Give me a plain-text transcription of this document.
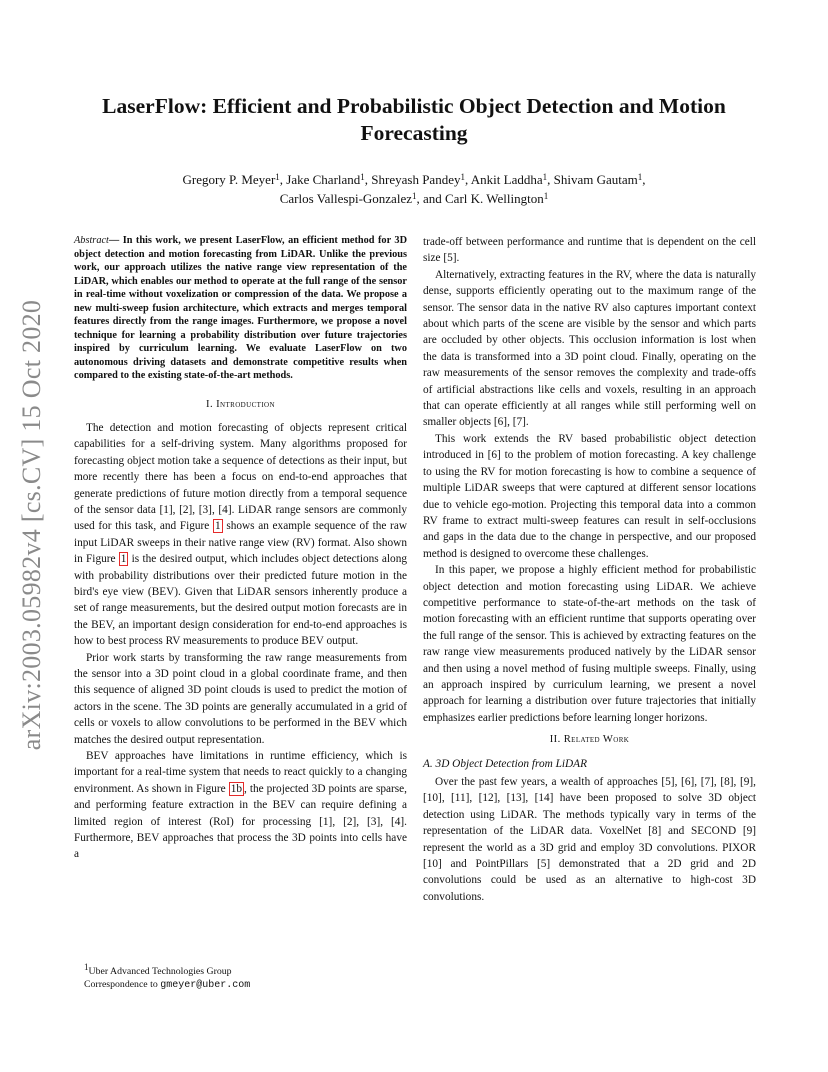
arXiv:2003.05982v4 [cs.CV] 15 Oct 2020
LaserFlow: Efficient and Probabilistic Object Detection and Motion Forecasting
Gregory P. Meyer$^1$, Jake Charland$^1$, Shreyash Pandey$^1$, Ankit Laddha$^1$, Shivam Gautam$^1$,
Carlos Vallespi-Gonzalez$^1$, and Carl K. Wellington$^1$
Abstract— In this work, we present LaserFlow, an efficient method for 3D object detection and motion forecasting from LiDAR. Unlike the previous work, our approach utilizes the native range view representation of the LiDAR, which enables our method to operate at the full range of the sensor in real-time without voxelization or compression of the data. We propose a new multi-sweep fusion architecture, which extracts and merges temporal features directly from the range images. Furthermore, we propose a novel technique for learning a probability distribution over future trajectories inspired by curriculum learning. We evaluate LaserFlow on two autonomous driving datasets and demonstrate competitive results when compared to the existing state-of-the-art methods.
I. Introduction

The detection and motion forecasting of objects represent critical capabilities for a self-driving system. Many algorithms proposed for forecasting object motion take a sequence of detections as their input, but more recently there has been a focus on end-to-end approaches that generate predictions of future motion directly from a temporal sequence of the sensor data [1], [2], [3], [4]. LiDAR range sensors are commonly used for this task, and Figure 1 shows an example sequence of the raw input LiDAR sweeps in their native range view (RV) format. Also shown in Figure 1 is the desired output, which includes object detections along with probability distributions over their predicted future motion in the bird's eye view (BEV). Given that LiDAR sensors inherently produce a set of range measurements, but the desired output motion forecasts are in the BEV, an important design consideration for end-to-end approaches is how to best process RV measurements to produce BEV output.

Prior work starts by transforming the raw range measurements from the sensor into a 3D point cloud in a global coordinate frame, and then this sequence of aligned 3D point clouds is used to predict the motion of actors in the scene. The 3D points are generally accumulated in a grid of cells or voxels to allow convolutions to be performed in the BEV which matches the desired output representation.

BEV approaches have limitations in runtime efficiency, which is important for a real-time system that needs to react quickly to a changing environment. As shown in Figure 1b , the projected 3D points are sparse, and performing feature extraction in the BEV can require defining a limited region of interest (RoI) for processing [1], [2], [3], [4]. Furthermore, BEV approaches that process the 3D points into cells have a

trade-off between performance and runtime that is dependent on the cell size [5].

Alternatively, extracting features in the RV, where the data is naturally dense, supports efficiently operating out to the maximum range of the sensor. The sensor data in the native RV also captures important context about which parts of the scene are visible by the sensor and which parts are occluded by other objects. This occlusion information is lost when the data is transformed into a 3D point cloud. Finally, operating on the raw measurements of the sensor removes the complexity and trade-offs of artificial abstractions like cells and voxels, resulting in an approach that can operate efficiently at all ranges while still performing well on smaller objects [6], [7].

This work extends the RV based probabilistic object detection introduced in [6] to the problem of motion forecasting. A key challenge to using the RV for motion forecasting is how to combine a sequence of multiple LiDAR sweeps that were captured at different sensor locations due to vehicle ego-motion. Projecting this temporal data into a common RV frame to extract multi-sweep features can result in self-occlusions and gaps in the data due to the change in perspective, and our proposed method is designed to overcome these challenges.

In this paper, we propose a highly efficient method for probabilistic object detection and motion forecasting using LiDAR. We achieve competitive performance to state-of-the-art methods on the task of motion forecasting with an efficient runtime that supports operating over the full range of the sensor. This is achieved by extracting features on the raw range view measurements produced natively by the LiDAR sensor and then using a novel method of fusing multiple sweeps. Finally, using an approach inspired by curriculum learning, we present a novel approach for learning a distribution over future trajectories that initially emphasizes earlier predictions before learning longer horizons.

II. Related Work
A. 3D Object Detection from LiDAR

Over the past few years, a wealth of approaches [5], [6], [7], [8], [9], [10], [11], [12], [13], [14] have been proposed to solve 3D object detection using LiDAR. The methods typically vary in terms of the representation of the LiDAR data. VoxelNet [8] and SECOND [9] represent the world as a 3D grid and employ 3D convolutions. PIXOR [10] and PointPillars [5] demonstrated that a 2D grid and 2D convolutions could be used as an alternative to high-cost 3D convolutions.

$^1$Uber Advanced Technologies Group
Correspondence to gmeyer@uber.com
